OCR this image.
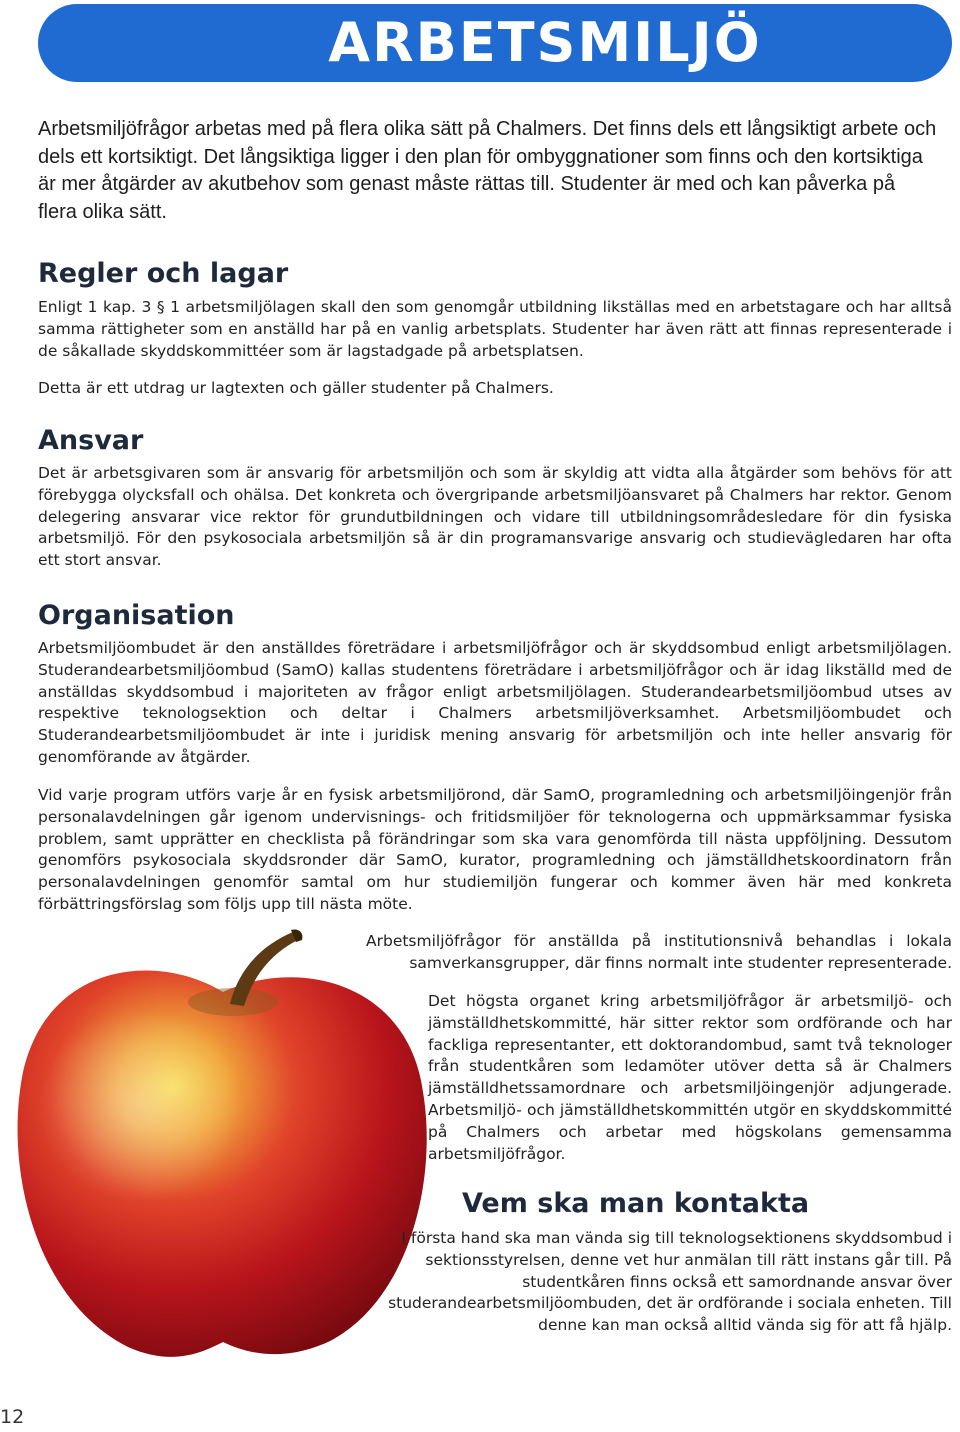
ARBETSMILJÖ

Arbetsmiljöfrågor arbetas med på flera olika sätt på Chalmers. Det finns dels ett långsiktigt arbete och dels ett kortsiktigt. Det långsiktiga ligger i den plan för ombyggnationer som finns och den kortsiktiga är mer åtgärder av akutbehov som genast måste rättas till. Studenter är med och kan påverka på flera olika sätt.

Regler och lagar

Enligt 1 kap. 3 § 1 arbetsmiljölagen skall den som genomgår utbildning likställas med en arbetstagare och har alltså samma rättigheter som en anställd har på en vanlig arbetsplats. Studenter har även rätt att finnas representerade i de såkallade skyddskommittéer som är lagstadgade på arbetsplatsen.

Detta är ett utdrag ur lagtexten och gäller studenter på Chalmers.

Ansvar

Det är arbetsgivaren som är ansvarig för arbetsmiljön och som är skyldig att vidta alla åtgärder som behövs för att förebygga olycksfall och ohälsa. Det konkreta och övergripande arbetsmiljöansvaret på Chalmers har rektor. Genom delegering ansvarar vice rektor för grundutbildningen och vidare till utbildningsområdesledare för din fysiska arbetsmiljö. För den psykosociala arbetsmiljön så är din programansvarige ansvarig och studievägledaren har ofta ett stort ansvar.

Organisation

Arbetsmiljöombudet är den anställdes företrädare i arbetsmiljöfrågor och är skyddsombud enligt arbetsmiljölagen. Studerandearbetsmiljöombud (SamO) kallas studentens företrädare i arbetsmiljöfrågor och är idag likställd med de anställdas skyddsombud i majoriteten av frågor enligt arbetsmiljölagen. Studerandearbetsmiljöombud utses av respektive teknologsektion och deltar i Chalmers arbetsmiljöverksamhet. Arbetsmiljöombudet och Studerandearbetsmiljöombudet är inte i juridisk mening ansvarig för arbetsmiljön och inte heller ansvarig för genomförande av åtgärder.

Vid varje program utförs varje år en fysisk arbetsmiljörond, där SamO, programledning och arbetsmiljöingenjör från personalavdelningen går igenom undervisnings- och fritidsmiljöer för teknologerna och uppmärksammar fysiska problem, samt upprätter en checklista på förändringar som ska vara genomförda till nästa uppföljning. Dessutom genomförs psykosociala skyddsronder där SamO, kurator, programledning och jämställdhetskoordinatorn från personalavdelningen genomför samtal om hur studiemiljön fungerar och kommer även här med konkreta förbättringsförslag som följs upp till nästa möte.

Arbetsmiljöfrågor för anställda på institutionsnivå behandlas i lokala samverkansgrupper, där finns normalt inte studenter representerade.

Det högsta organet kring arbetsmiljöfrågor är arbetsmiljö- och jämställdhetskommitté, här sitter rektor som ordförande och har fackliga representanter, ett doktorandombud, samt två teknologer från studentkåren som ledamöter utöver detta så är Chalmers jämställdhetssamordnare och arbetsmiljöingenjör adjungerade. Arbetsmiljö- och jämställdhetskommittén utgör en skyddskommitté på Chalmers och arbetar med högskolans gemensamma arbetsmiljöfrågor.

Vem ska man kontakta

I första hand ska man vända sig till teknologsektionens skyddsombud i sektionsstyrelsen, denne vet hur anmälan till rätt instans går till. På studentkåren finns också ett samordnande ansvar över studerandearbetsmiljöombuden, det är ordförande i sociala enheten. Till denne kan man också alltid vända sig för att få hjälp.

12
